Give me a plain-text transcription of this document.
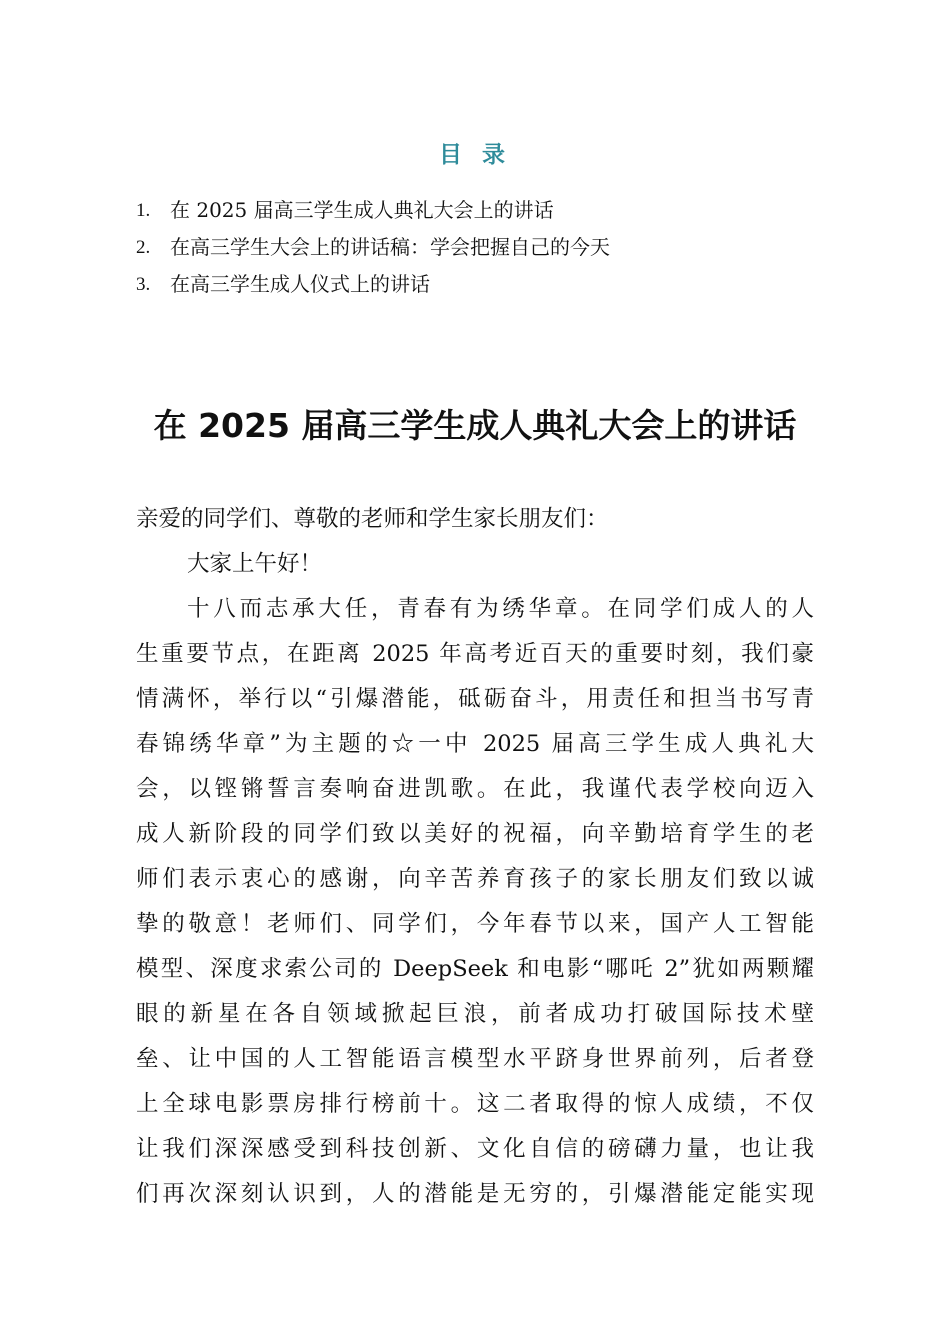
目 录
1. 在 2025 届高三学生成人典礼大会上的讲话
2. 在高三学生大会上的讲话稿：学会把握自己的今天
3. 在高三学生成人仪式上的讲话
在 2025 届高三学生成人典礼大会上的讲话
亲爱的同学们、尊敬的老师和学生家长朋友们：
大家上午好！
十八而志承大任，青春有为绣华章。在同学们成人的人
生重要节点，在距离 2025 年高考近百天的重要时刻，我们豪
情满怀，举行以“引爆潜能，砥砺奋斗，用责任和担当书写青
春锦绣华章”为主题的☆一中 2025 届高三学生成人典礼大
会，以铿锵誓言奏响奋进凯歌。在此，我谨代表学校向迈入
成人新阶段的同学们致以美好的祝福，向辛勤培育学生的老
师们表示衷心的感谢，向辛苦养育孩子的家长朋友们致以诚
挚的敬意！老师们、同学们，今年春节以来，国产人工智能
模型、深度求索公司的 DeepSeek 和电影“哪吒 2”犹如两颗耀
眼的新星在各自领域掀起巨浪，前者成功打破国际技术壁
垒、让中国的人工智能语言模型水平跻身世界前列，后者登
上全球电影票房排行榜前十。这二者取得的惊人成绩，不仅
让我们深深感受到科技创新、文化自信的磅礴力量，也让我
们再次深刻认识到，人的潜能是无穷的，引爆潜能定能实现
